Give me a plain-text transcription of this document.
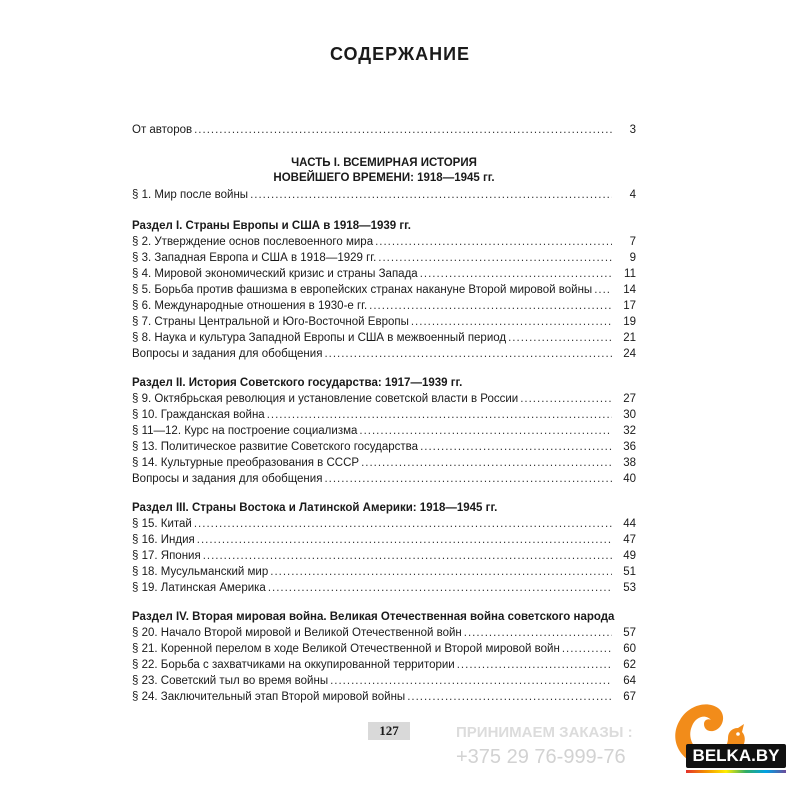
СОДЕРЖАНИЕ
От авторов .....	3
ЧАСТЬ I. ВСЕМИРНАЯ ИСТОРИЯ
НОВЕЙШЕГО ВРЕМЕНИ: 1918—1945 гг.
§ 1. Мир после войны .....	4
Раздел I. Страны Европы и США в 1918—1939 гг.
§ 2. Утверждение основ послевоенного мира .....	7
§ 3. Западная Европа и США в 1918—1929 гг. .....	9
§ 4. Мировой экономический кризис и страны Запада .....	11
§ 5. Борьба против фашизма в европейских странах накануне Второй мировой войны .....	14
§ 6. Международные отношения в 1930-е гг. .....	17
§ 7. Страны Центральной и Юго-Восточной Европы .....	19
§ 8. Наука и культура Западной Европы и США в межвоенный период .....	21
Вопросы и задания для обобщения .....	24
Раздел II. История Советского государства: 1917—1939 гг.
§ 9. Октябрьская революция и установление советской власти в России .....	27
§ 10. Гражданская война .....	30
§ 11—12. Курс на построение социализма .....	32
§ 13. Политическое развитие Советского государства .....	36
§ 14. Культурные преобразования в СССР .....	38
Вопросы и задания для обобщения .....	40
Раздел III. Страны Востока и Латинской Америки: 1918—1945 гг.
§ 15. Китай .....	44
§ 16. Индия .....	47
§ 17. Япония .....	49
§ 18. Мусульманский мир .....	51
§ 19. Латинская Америка .....	53
Раздел IV. Вторая мировая война. Великая Отечественная война советского народа
§ 20. Начало Второй мировой и Великой Отечественной войн .....	57
§ 21. Коренной перелом в ходе Великой Отечественной и Второй мировой войн .....	60
§ 22. Борьба с захватчиками на оккупированной территории .....	62
§ 23. Советский тыл во время войны .....	64
§ 24. Заключительный этап Второй мировой войны .....	67
127	ПРИНИМАЕМ ЗАКАЗЫ :
+375 29 76-999-76	BELKA.BY
